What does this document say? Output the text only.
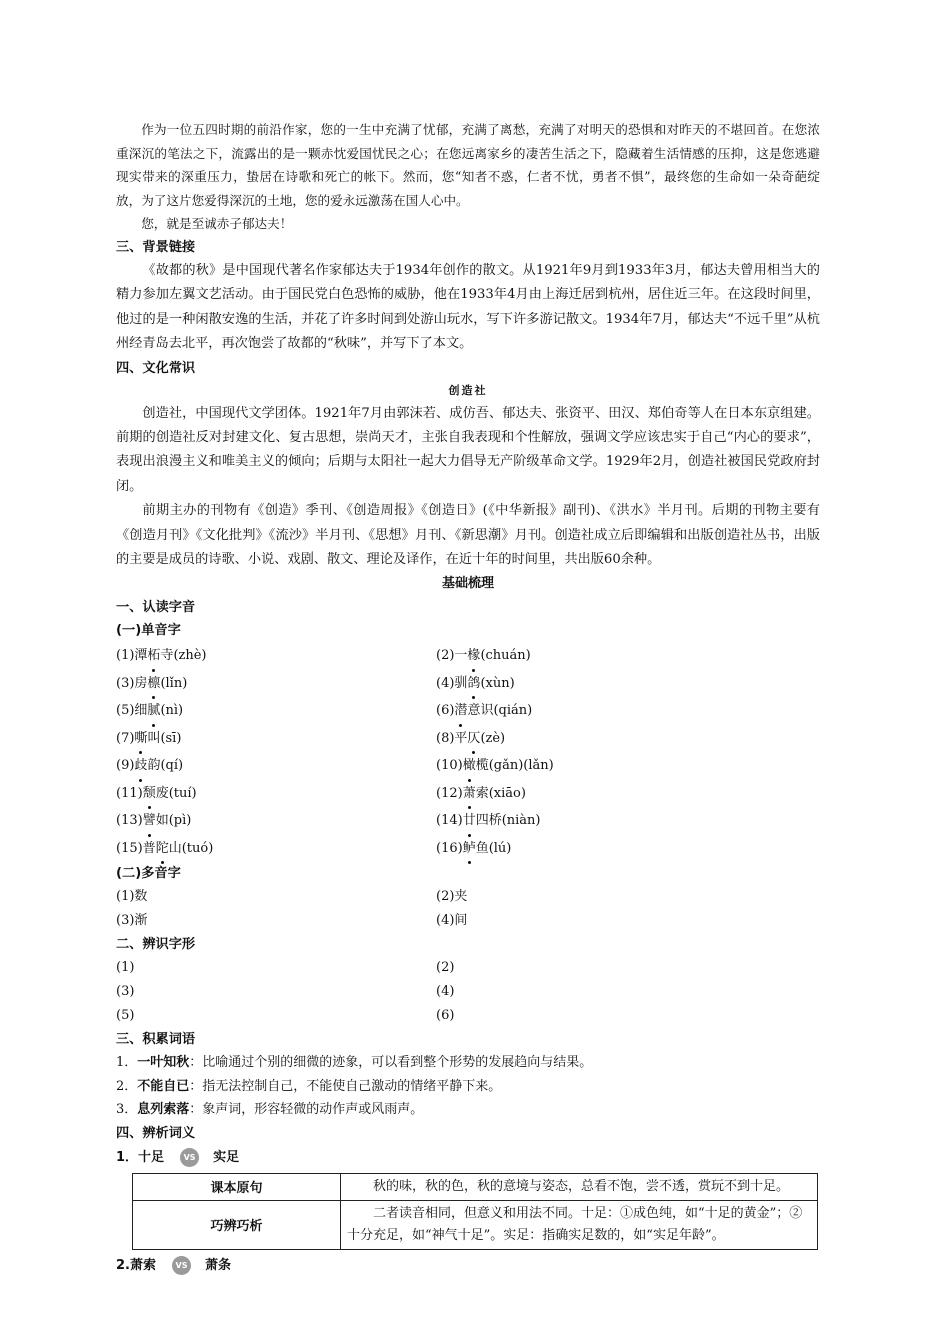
作为一位五四时期的前沿作家，您的一生中充满了忧郁，充满了离愁，充满了对明天的恐惧和对昨天的不堪回首。在您浓重深沉的笔法之下，流露出的是一颗赤忱爱国忧民之心；在您远离家乡的凄苦生活之下，隐藏着生活情感的压抑，这是您逃避现实带来的深重压力，蛰居在诗歌和死亡的帐下。然而，您“知者不惑，仁者不忧，勇者不惧”，最终您的生命如一朵奇葩绽放，为了这片您爱得深沉的土地，您的爱永远激荡在国人心中。

您，就是至诚赤子郁达夫！

三、背景链接

《故都的秋》是中国现代著名作家郁达夫于1934年创作的散文。从1921年9月到1933年3月，郁达夫曾用相当大的精力参加左翼文艺活动。由于国民党白色恐怖的威胁，他在1933年4月由上海迁居到杭州，居住近三年。在这段时间里，他过的是一种闲散安逸的生活，并花了许多时间到处游山玩水，写下许多游记散文。1934年7月，郁达夫“不远千里”从杭州经青岛去北平，再次饱尝了故都的“秋味”，并写下了本文。

四、文化常识
创造社

创造社，中国现代文学团体。1921年7月由郭沫若、成仿吾、郁达夫、张资平、田汉、郑伯奇等人在日本东京组建。前期的创造社反对封建文化、复古思想，崇尚天才，主张自我表现和个性解放，强调文学应该忠实于自己“内心的要求”，表现出浪漫主义和唯美主义的倾向；后期与太阳社一起大力倡导无产阶级革命文学。1929年2月，创造社被国民党政府封闭。

前期主办的刊物有《创造》季刊、《创造周报》《创造日》(《中华新报》副刊)、《洪水》半月刊。后期的刊物主要有《创造月刊》《文化批判》《流沙》半月刊、《思想》月刊、《新思潮》月刊。创造社成立后即编辑和出版创造社丛书，出版的主要是成员的诗歌、小说、戏剧、散文、理论及译作，在近十年的时间里，共出版60余种。

基础梳理
一、认读字音
(一)单音字
(1)潭柘寺(zhè)	(2)一椽(chuán)
(3)房檩(lǐn)	(4)驯鸽(xùn)
(5)细腻(nì)	(6)潜意识(qián)
(7)嘶叫(sī)	(8)平仄(zè)
(9)歧韵(qí)	(10)橄榄(gǎn)(lǎn)
(11)颓废(tuí)	(12)萧索(xiāo)
(13)譬如(pì)	(14)廿四桥(niàn)
(15)普陀山(tuó)	(16)鲈鱼(lú)
(二)多音字
(1)数	(2)夹
(3)渐	(4)间
二、辨识字形
(1)	(2)
(3)	(4)
(5)	(6)
三、积累词语
1．一叶知秋：比喻通过个别的细微的迹象，可以看到整个形势的发展趋向与结果。
2．不能自已：指无法控制自己，不能使自己激动的情绪平静下来。
3．息列索落：象声词，形容轻微的动作声或风雨声。
四、辨析词义
1． 十足	VS 实足
课本原句	秋的味，秋的色，秋的意境与姿态，总看不饱，尝不透，赏玩不到十足。
巧辨巧析	二者读音相同，但意义和用法不同。十足：①成色纯，如“十足的黄金”；②十分充足，如“神气十足”。实足：指确实足数的，如“实足年龄”。
2. 萧索	VS 萧条
